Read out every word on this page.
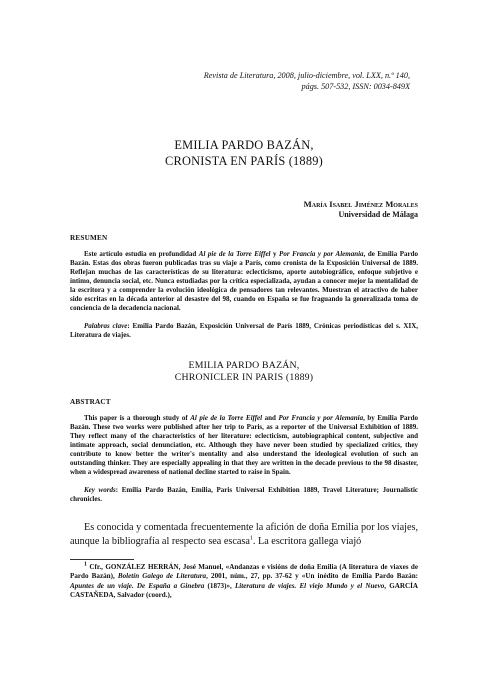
Revista de Literatura, 2008, julio-diciembre, vol. LXX, n.º 140,
págs. 507-532, ISSN: 0034-849X
EMILIA PARDO BAZÁN,
CRONISTA EN PARÍS (1889)
María Isabel Jiménez Morales
Universidad de Málaga
RESUMEN

Este artículo estudia en profundidad Al pie de la Torre Eiffel y Por Francia y por Alemania, de Emilia Pardo Bazán. Estas dos obras fueron publicadas tras su viaje a París, como cronista de la Exposición Universal de 1889. Reflejan muchas de las características de su literatura: eclecticismo, aporte autobiográfico, enfoque subjetivo e íntimo, denuncia social, etc. Nunca estudiadas por la crítica especializada, ayudan a conocer mejor la mentalidad de la escritora y a comprender la evolución ideológica de pensadores tan relevantes. Muestran el atractivo de haber sido escritas en la década anterior al desastre del 98, cuando en España se fue fraguando la generalizada toma de conciencia de la decadencia nacional.

Palabras clave: Emilia Pardo Bazán, Exposición Universal de París 1889, Crónicas periodísticas del s. XIX, Literatura de viajes.

EMILIA PARDO BAZÁN,
CHRONICLER IN PARIS (1889)
ABSTRACT

This paper is a thorough study of Al pie de la Torre Eiffel and Por Francia y por Alemania, by Emilia Pardo Bazán. These two works were published after her trip to Paris, as a reporter of the Universal Exhibition of 1889. They reflect many of the characteristics of her literature: eclecticism, autobiographical content, subjective and intimate approach, social denunciation, etc. Although they have never been studied by specialized critics, they contribute to know better the writer's mentality and also understand the ideological evolution of such an outstanding thinker. They are especially appealing in that they are written in the decade previous to the 98 disaster, when a widespread awareness of national decline started to raise in Spain.

Key words: Emilia Pardo Bazán, Emilia, Paris Universal Exhibition 1889, Travel Literature; Journalistic chronicles.

Es conocida y comentada frecuentemente la afición de doña Emilia por los viajes, aunque la bibliografía al respecto sea escasa$^1$. La escritora gallega viajó

$^1$ Cfr., GONZÁLEZ HERRÁN, José Manuel, «Andanzas e visións de doña Emilia (A literatura de viaxes de Pardo Bazán), Boletín Galego de Literatura, 2001, núm., 27, pp. 37-62 y «Un inédito de Emilia Pardo Bazán: Apuntes de un viaje. De España a Ginebra (1873)», Literatura de viajes. El viejo Mundo y el Nuevo, GARCÍA CASTAÑEDA, Salvador (coord.),
